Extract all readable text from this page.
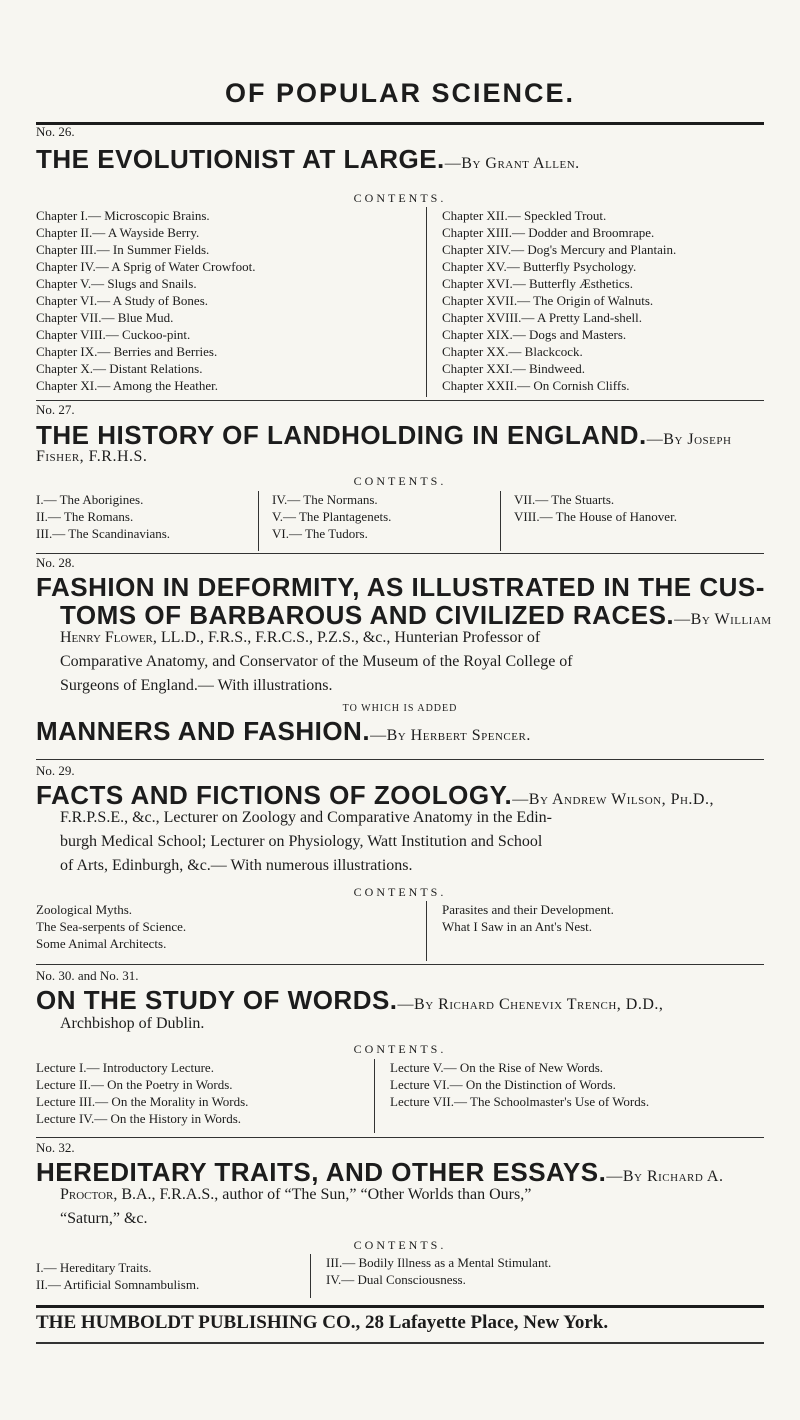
OF POPULAR SCIENCE.
No. 26.
THE EVOLUTIONIST AT LARGE.—By Grant Allen.
CONTENTS.
Chapter I.— Microscopic Brains.
Chapter II.— A Wayside Berry.
Chapter III.— In Summer Fields.
Chapter IV.— A Sprig of Water Crowfoot.
Chapter V.— Slugs and Snails.
Chapter VI.— A Study of Bones.
Chapter VII.— Blue Mud.
Chapter VIII.— Cuckoo-pint.
Chapter IX.— Berries and Berries.
Chapter X.— Distant Relations.
Chapter XI.— Among the Heather.
Chapter XII.— Speckled Trout.
Chapter XIII.— Dodder and Broomrape.
Chapter XIV.— Dog's Mercury and Plantain.
Chapter XV.— Butterfly Psychology.
Chapter XVI.— Butterfly Æsthetics.
Chapter XVII.— The Origin of Walnuts.
Chapter XVIII.— A Pretty Land-shell.
Chapter XIX.— Dogs and Masters.
Chapter XX.— Blackcock.
Chapter XXI.— Bindweed.
Chapter XXII.— On Cornish Cliffs.
No. 27.
THE HISTORY OF LANDHOLDING IN ENGLAND.—By Joseph
Fisher, F.R.H.S.
CONTENTS.
I.— The Aborigines.
II.— The Romans.
III.— The Scandinavians.
IV.— The Normans.
V.— The Plantagenets.
VI.— The Tudors.
VII.— The Stuarts.
VIII.— The House of Hanover.
No. 28.
FASHION IN DEFORMITY, AS ILLUSTRATED IN THE CUS-
TOMS OF BARBAROUS AND CIVILIZED RACES.—By William
Henry Flower, LL.D., F.R.S., F.R.C.S., P.Z.S., &c., Hunterian Professor of
Comparative Anatomy, and Conservator of the Museum of the Royal College of
Surgeons of England.— With illustrations.
TO WHICH IS ADDED
MANNERS AND FASHION.—By Herbert Spencer.
No. 29.
FACTS AND FICTIONS OF ZOOLOGY.—By Andrew Wilson, Ph.D.,
F.R.P.S.E., &c., Lecturer on Zoology and Comparative Anatomy in the Edin-
burgh Medical School; Lecturer on Physiology, Watt Institution and School
of Arts, Edinburgh, &c.— With numerous illustrations.
CONTENTS.
Zoological Myths.
The Sea-serpents of Science.
Some Animal Architects.
Parasites and their Development.
What I Saw in an Ant's Nest.
No. 30. and No. 31.
ON THE STUDY OF WORDS.—By Richard Chenevix Trench, D.D.,
Archbishop of Dublin.
CONTENTS.
Lecture I.— Introductory Lecture.
Lecture II.— On the Poetry in Words.
Lecture III.— On the Morality in Words.
Lecture IV.— On the History in Words.
Lecture V.— On the Rise of New Words.
Lecture VI.— On the Distinction of Words.
Lecture VII.— The Schoolmaster's Use of Words.
No. 32.
HEREDITARY TRAITS, AND OTHER ESSAYS.—By Richard A.
Proctor, B.A., F.R.A.S., author of “The Sun,” “Other Worlds than Ours,”
“Saturn,” &c.
CONTENTS.
I.— Hereditary Traits.
II.— Artificial Somnambulism.
III.— Bodily Illness as a Mental Stimulant.
IV.— Dual Consciousness.
THE HUMBOLDT PUBLISHING CO., 28 Lafayette Place, New York.
